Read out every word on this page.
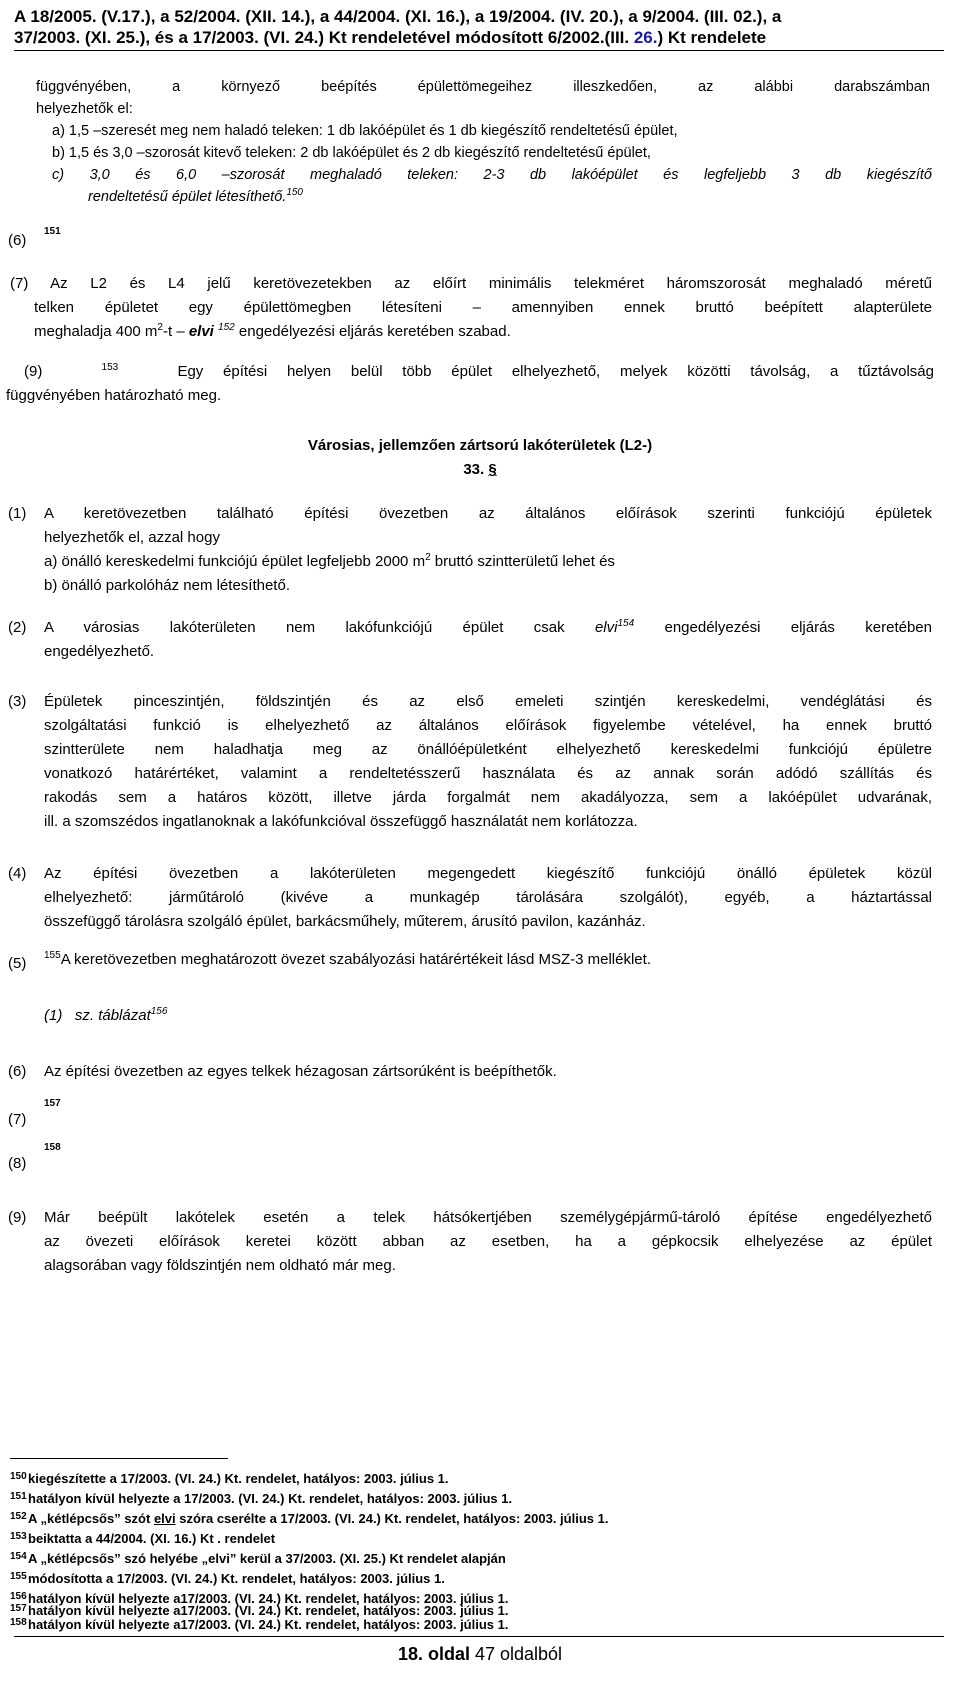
A 18/2005. (V.17.), a 52/2004. (XII. 14.), a 44/2004. (XI. 16.), a 19/2004. (IV. 20.), a 9/2004. (III. 02.), a
37/2003. (XI. 25.), és a 17/2003. (VI. 24.) Kt rendeletével módosított 6/2002.(III. 26.) Kt rendelete
függvényében, a környező beépítés épülettömegeihez illeszkedően, az alábbi darabszámban
helyezhetők el:
a) 1,5 –szeresét meg nem haladó teleken: 1 db lakóépület és 1 db kiegészítő rendeltetésű épület,
b) 1,5 és 3,0 –szorosát kitevő teleken: 2 db lakóépület és 2 db kiegészítő rendeltetésű épület,
c) 3,0 és 6,0 –szorosát meghaladó teleken: 2-3 db lakóépület és legfeljebb 3 db kiegészítő
rendeltetésű épület létesíthető.$^{150}$
(6)
151
(7) Az L2 és L4 jelű keretövezetekben az előírt minimális telekméret háromszorosát meghaladó méretű
telken épületet egy épülettömegben létesíteni – amennyiben ennek bruttó beépített alapterülete
meghaladja 400 $m^2-t$ – elvi $^{152}$ engedélyezési eljárás keretében szabad.
(9)	$^{153}$	Egy építési helyen belül több épület elhelyezhető, melyek közötti távolság, a tűztávolság
függvényében határozható meg.
Városias, jellemzően zártsorú lakóterületek (L2-)
33. §
(1) A keretövezetben található építési övezetben az általános előírások szerinti funkciójú épületek
helyezhetők el, azzal hogy
a) önálló kereskedelmi funkciójú épület legfeljebb 2000 $m^2$ bruttó szintterületű lehet és
b) önálló parkolóház nem létesíthető.
(2) A városias lakóterületen nem lakófunkciójú épület csak elvi$^{154}$ engedélyezési eljárás keretében
engedélyezhető.
(3) Épületek pinceszintjén, földszintjén és az első emeleti szintjén kereskedelmi, vendéglátási és
szolgáltatási funkció is elhelyezhető az általános előírások figyelembe vételével, ha ennek bruttó
szintterülete nem haladhatja meg az önállóépületként elhelyezhető kereskedelmi funkciójú épületre
vonatkozó határértéket, valamint a rendeltetésszerű használata és az annak során adódó szállítás és
rakodás sem a határos között, illetve járda forgalmát nem akadályozza, sem a lakóépület udvarának,
ill. a szomszédos ingatlanoknak a lakófunkcióval összefüggő használatát nem korlátozza.
(4) Az építési övezetben a lakóterületen megengedett kiegészítő funkciójú önálló épületek közül
elhelyezhető: járműtároló (kivéve a munkagép tárolására szolgálót), egyéb, a háztartással
összefüggő tárolásra szolgáló épület, barkácsműhely, műterem, árusító pavilon, kazánház.
(5) $^{155}$A keretövezetben meghatározott övezet szabályozási határértékeit lásd MSZ-3 melléklet.
(1) sz. táblázat$^{156}$
(6) Az építési övezetben az egyes telkek hézagosan zártsorúként is beépíthetők.
(7)
157
(8)
158
(9) Már beépült lakótelek esetén a telek hátsókertjében személygépjármű-tároló építése engedélyezhető
az övezeti előírások keretei között abban az esetben, ha a gépkocsik elhelyezése az épület
alagsorában vagy földszintjén nem oldható már meg.
150kiegészítette a 17/2003. (VI. 24.) Kt. rendelet, hatályos: 2003. július 1.
151hatályon kívül helyezte a 17/2003. (VI. 24.) Kt. rendelet, hatályos: 2003. július 1.
152A „kétlépcsős” szót elvi szóra cserélte a 17/2003. (VI. 24.) Kt. rendelet, hatályos: 2003. július 1.
153beiktatta a 44/2004. (XI. 16.) Kt . rendelet
154A „kétlépcsős” szó helyébe „elvi” kerül a 37/2003. (XI. 25.) Kt rendelet alapján
155módosította a 17/2003. (VI. 24.) Kt. rendelet, hatályos: 2003. július 1.
156hatályon kívül helyezte a17/2003. (VI. 24.) Kt. rendelet, hatályos: 2003. július 1.
157hatályon kívül helyezte a17/2003. (VI. 24.) Kt. rendelet, hatályos: 2003. július 1.
158hatályon kívül helyezte a17/2003. (VI. 24.) Kt. rendelet, hatályos: 2003. július 1.
18. oldal 47 oldalból
